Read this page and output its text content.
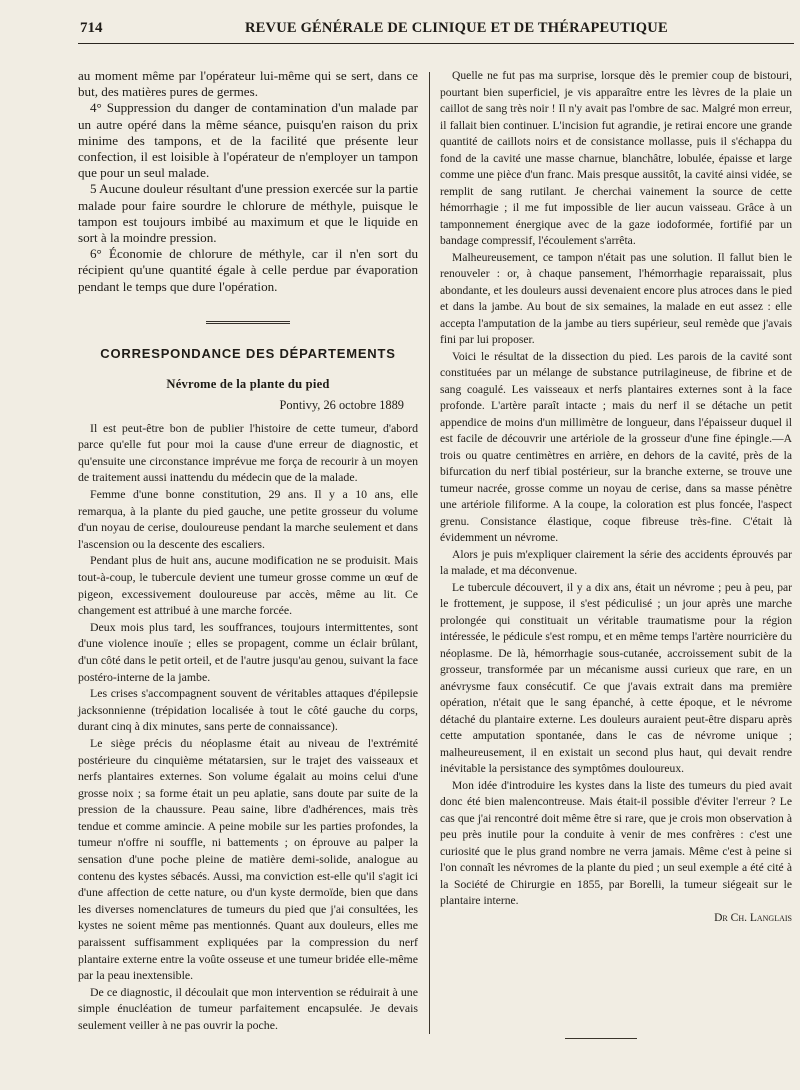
714	REVUE GÉNÉRALE DE CLINIQUE ET DE THÉRAPEUTIQUE

au moment même par l'opérateur lui-même qui se sert, dans ce but, des matières pures de germes.

4° Suppression du danger de contamination d'un malade par un autre opéré dans la même séance, puisqu'en raison du prix minime des tampons, et de la facilité que présente leur confection, il est loisible à l'opérateur de n'employer un tampon que pour un seul malade.

5 Aucune douleur résultant d'une pression exercée sur la partie malade pour faire sourdre le chlorure de méthyle, puisque le tampon est toujours imbibé au maximum et que le liquide en sort à la moindre pression.

6° Économie de chlorure de méthyle, car il n'en sort du récipient qu'une quantité égale à celle perdue par évaporation pendant le temps que dure l'opération.

CORRESPONDANCE DES DÉPARTEMENTS
Névrome de la plante du pied
Pontivy, 26 octobre 1889

Il est peut-être bon de publier l'histoire de cette tumeur, d'abord parce qu'elle fut pour moi la cause d'une erreur de diagnostic, et qu'ensuite une circonstance imprévue me força de recourir à un moyen de traitement aussi inattendu du médecin que de la malade.

Femme d'une bonne constitution, 29 ans. Il y a 10 ans, elle remarqua, à la plante du pied gauche, une petite grosseur du volume d'un noyau de cerise, douloureuse pendant la marche seulement et dans l'ascension ou la descente des escaliers.

Pendant plus de huit ans, aucune modification ne se produisit. Mais tout-à-coup, le tubercule devient une tumeur grosse comme un œuf de pigeon, excessivement douloureuse par accès, même au lit. Ce changement est attribué à une marche forcée.

Deux mois plus tard, les souffrances, toujours intermittentes, sont d'une violence inouïe ; elles se propagent, comme un éclair brûlant, d'un côté dans le petit orteil, et de l'autre jusqu'au genou, suivant la face postéro-interne de la jambe.

Les crises s'accompagnent souvent de véritables attaques d'épilepsie jacksonnienne (trépidation localisée à tout le côté gauche du corps, durant cinq à dix minutes, sans perte de connaissance).

Le siège précis du néoplasme était au niveau de l'extrémité postérieure du cinquième métatarsien, sur le trajet des vaisseaux et nerfs plantaires externes. Son volume égalait au moins celui d'une grosse noix ; sa forme était un peu aplatie, sans doute par suite de la pression de la chaussure. Peau saine, libre d'adhérences, mais très tendue et comme amincie. A peine mobile sur les parties profondes, la tumeur n'offre ni souffle, ni battements ; on éprouve au palper la sensation d'une poche pleine de matière demi-solide, analogue au contenu des kystes sébacés. Aussi, ma conviction est-elle qu'il s'agit ici d'une affection de cette nature, ou d'un kyste dermoïde, bien que dans les diverses nomenclatures de tumeurs du pied que j'ai consultées, les kystes ne soient même pas mentionnés. Quant aux douleurs, elles me paraissent suffisamment expliquées par la compression du nerf plantaire externe entre la voûte osseuse et une tumeur bridée elle-même par la peau inextensible.

De ce diagnostic, il découlait que mon intervention se réduirait à une simple énucléation de tumeur parfaitement encapsulée. Je devais seulement veiller à ne pas ouvrir la poche.

Quelle ne fut pas ma surprise, lorsque dès le premier coup de bistouri, pourtant bien superficiel, je vis apparaître entre les lèvres de la plaie un caillot de sang très noir ! Il n'y avait pas l'ombre de sac. Malgré mon erreur, il fallait bien continuer. L'incision fut agrandie, je retirai encore une grande quantité de caillots noirs et de consistance mollasse, puis il s'échappa du fond de la cavité une masse charnue, blanchâtre, lobulée, épaisse et large comme une pièce d'un franc. Mais presque aussitôt, la cavité ainsi vidée, se remplit de sang rutilant. Je cherchai vainement la source de cette hémorrhagie ; il me fut impossible de lier aucun vaisseau. Grâce à un tamponnement énergique avec de la gaze iodoformée, fortifié par un bandage compressif, l'écoulement s'arrêta.

Malheureusement, ce tampon n'était pas une solution. Il fallut bien le renouveler : or, à chaque pansement, l'hémorrhagie reparaissait, plus abondante, et les douleurs aussi devenaient encore plus atroces dans le pied et dans la jambe. Au bout de six semaines, la malade en eut assez : elle accepta l'amputation de la jambe au tiers supérieur, seul remède que j'avais fini par lui proposer.

Voici le résultat de la dissection du pied. Les parois de la cavité sont constituées par un mélange de substance putrilagineuse, de fibrine et de sang coagulé. Les vaisseaux et nerfs plantaires externes sont à la face profonde. L'artère paraît intacte ; mais du nerf il se détache un petit appendice de moins d'un millimètre de longueur, dans l'épaisseur duquel il est facile de découvrir une artériole de la grosseur d'une fine épingle.—A trois ou quatre centimètres en arrière, en dehors de la cavité, près de la bifurcation du nerf tibial postérieur, sur la branche externe, se trouve une tumeur nacrée, grosse comme un noyau de cerise, dans sa masse pénètre une artériole filiforme. A la coupe, la coloration est plus foncée, l'aspect grenu. Consistance élastique, coque fibreuse très-fine. C'était là évidemment un névrome.

Alors je puis m'expliquer clairement la série des accidents éprouvés par la malade, et ma déconvenue.

Le tubercule découvert, il y a dix ans, était un névrome ; peu à peu, par le frottement, je suppose, il s'est pédiculisé ; un jour après une marche prolongée qui constituait un véritable traumatisme pour la région intéressée, le pédicule s'est rompu, et en même temps l'artère nourricière du néoplasme. De là, hémorrhagie sous-cutanée, accroissement subit de la grosseur, transformée par un mécanisme aussi curieux que rare, en un anévrysme faux consécutif. Ce que j'avais extrait dans ma première opération, n'était que le sang épanché, à cette époque, et le névrome détaché du plantaire externe. Les douleurs auraient peut-être disparu après cette amputation spontanée, dans le cas de névrome unique ; malheureusement, il en existait un second plus haut, qui devait rendre inévitable la persistance des symptômes douloureux.

Mon idée d'introduire les kystes dans la liste des tumeurs du pied avait donc été bien malencontreuse. Mais était-il possible d'éviter l'erreur ? Le cas que j'ai rencontré doit même être si rare, que je crois mon observation à peu près inutile pour la conduite à venir de mes confrères : c'est une curiosité que le plus grand nombre ne verra jamais. Même c'est à peine si l'on connaît les névromes de la plante du pied ; un seul exemple a été cité à la Société de Chirurgie en 1855, par Borelli, la tumeur siégeait sur le plantaire interne.

Dr Ch. Langlais
